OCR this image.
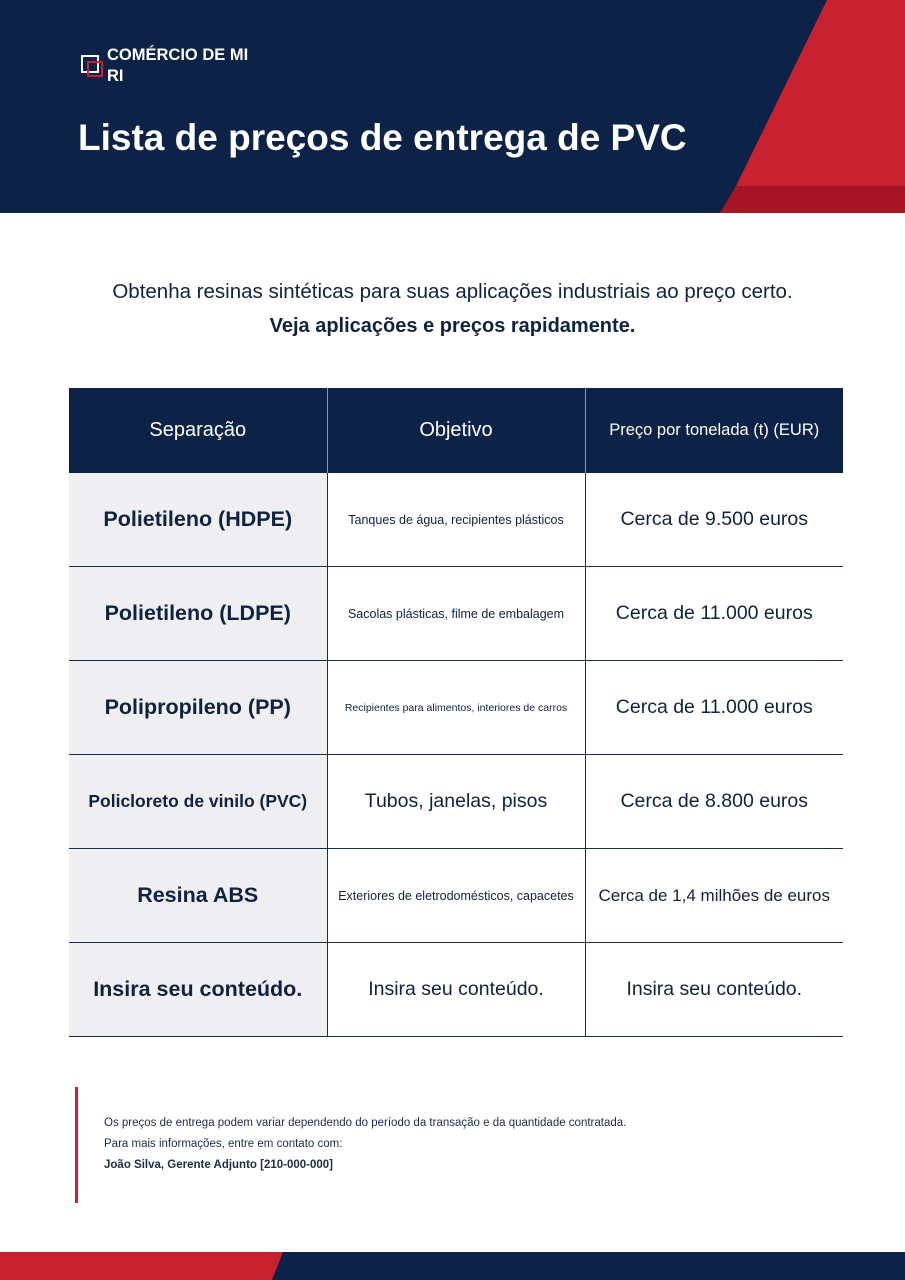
COMÉRCIO DE MIRI
Lista de preços de entrega de PVC
Obtenha resinas sintéticas para suas aplicações industriais ao preço certo.
Veja aplicações e preços rapidamente.
Separação	Objetivo	Preço por tonelada (t) (EUR)
Polietileno (HDPE)	Tanques de água, recipientes plásticos	Cerca de 9.500 euros
Polietileno (LDPE)	Sacolas plásticas, filme de embalagem	Cerca de 11.000 euros
Polipropileno (PP)	Recipientes para alimentos, interiores de carros	Cerca de 11.000 euros
Policloreto de vinilo (PVC)	Tubos, janelas, pisos	Cerca de 8.800 euros
Resina ABS	Exteriores de eletrodomésticos, capacetes	Cerca de 1,4 milhões de euros
Insira seu conteúdo.	Insira seu conteúdo.	Insira seu conteúdo.

Os preços de entrega podem variar dependendo do período da transação e da quantidade contratada.

Para mais informações, entre em contato com:

João Silva, Gerente Adjunto [210-000-000]
